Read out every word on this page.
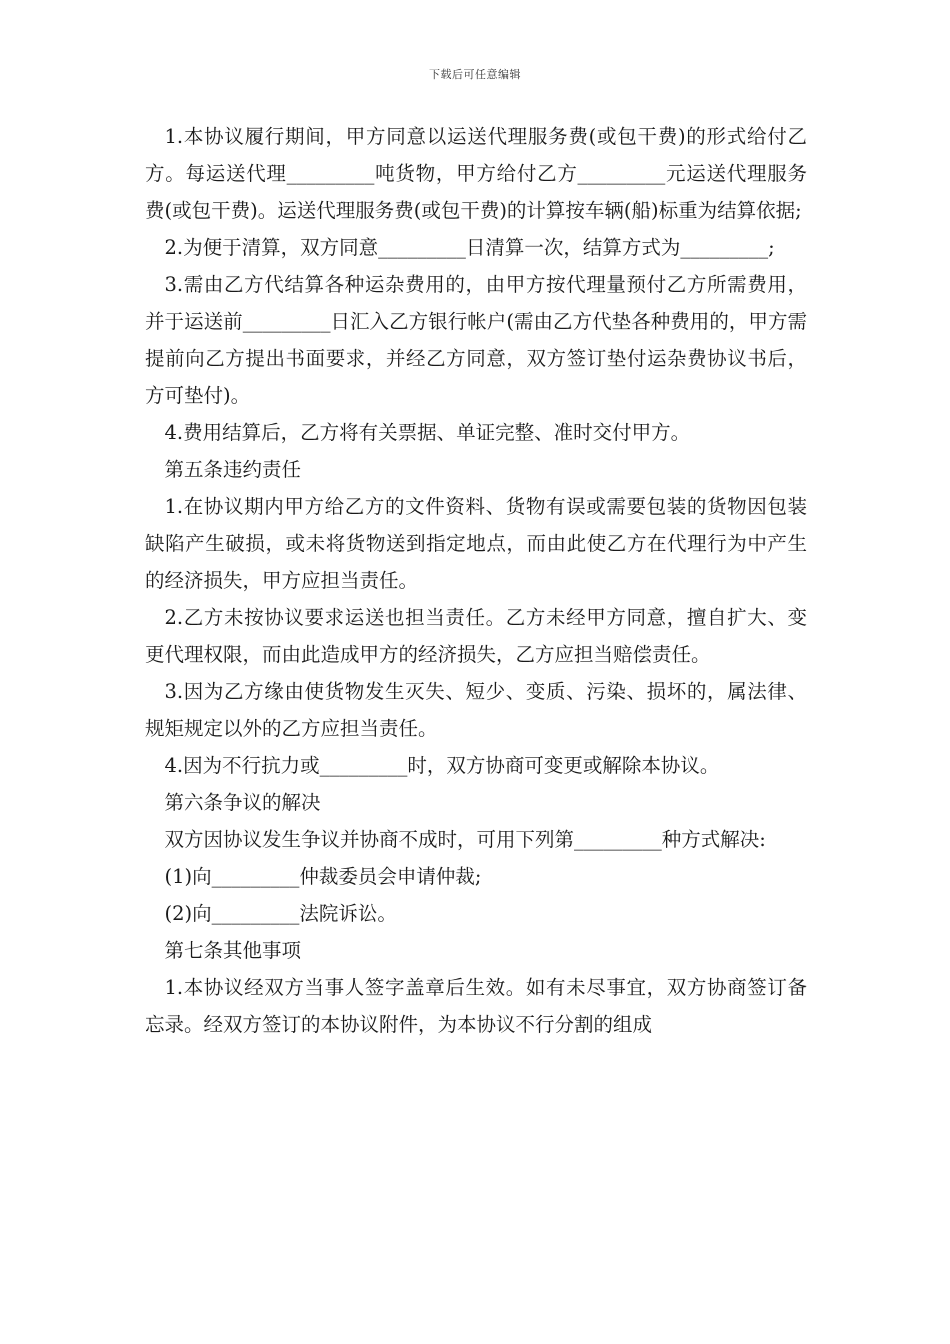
下载后可任意编辑

1.本协议履行期间，甲方同意以运送代理服务费(或包干费)的形式给付乙方。每运送代理_________吨货物，甲方给付乙方_________元运送代理服务费(或包干费)。运送代理服务费(或包干费)的计算按车辆(船)标重为结算依据;

2.为便于清算，双方同意_________日清算一次，结算方式为_________;

3.需由乙方代结算各种运杂费用的，由甲方按代理量预付乙方所需费用，并于运送前_________日汇入乙方银行帐户(需由乙方代垫各种费用的，甲方需提前向乙方提出书面要求，并经乙方同意，双方签订垫付运杂费协议书后，方可垫付)。

4.费用结算后，乙方将有关票据、单证完整、准时交付甲方。

第五条违约责任

1.在协议期内甲方给乙方的文件资料、货物有误或需要包装的货物因包装缺陷产生破损，或未将货物送到指定地点，而由此使乙方在代理行为中产生的经济损失，甲方应担当责任。

2.乙方未按协议要求运送也担当责任。乙方未经甲方同意，擅自扩大、变更代理权限，而由此造成甲方的经济损失，乙方应担当赔偿责任。

3.因为乙方缘由使货物发生灭失、短少、变质、污染、损坏的，属法律、规矩规定以外的乙方应担当责任。

4.因为不行抗力或_________时，双方协商可变更或解除本协议。

第六条争议的解决

双方因协议发生争议并协商不成时，可用下列第_________种方式解决:

(1)向_________仲裁委员会申请仲裁;

(2)向_________法院诉讼。

第七条其他事项

1.本协议经双方当事人签字盖章后生效。如有未尽事宜，双方协商签订备忘录。经双方签订的本协议附件，为本协议不行分割的组成
